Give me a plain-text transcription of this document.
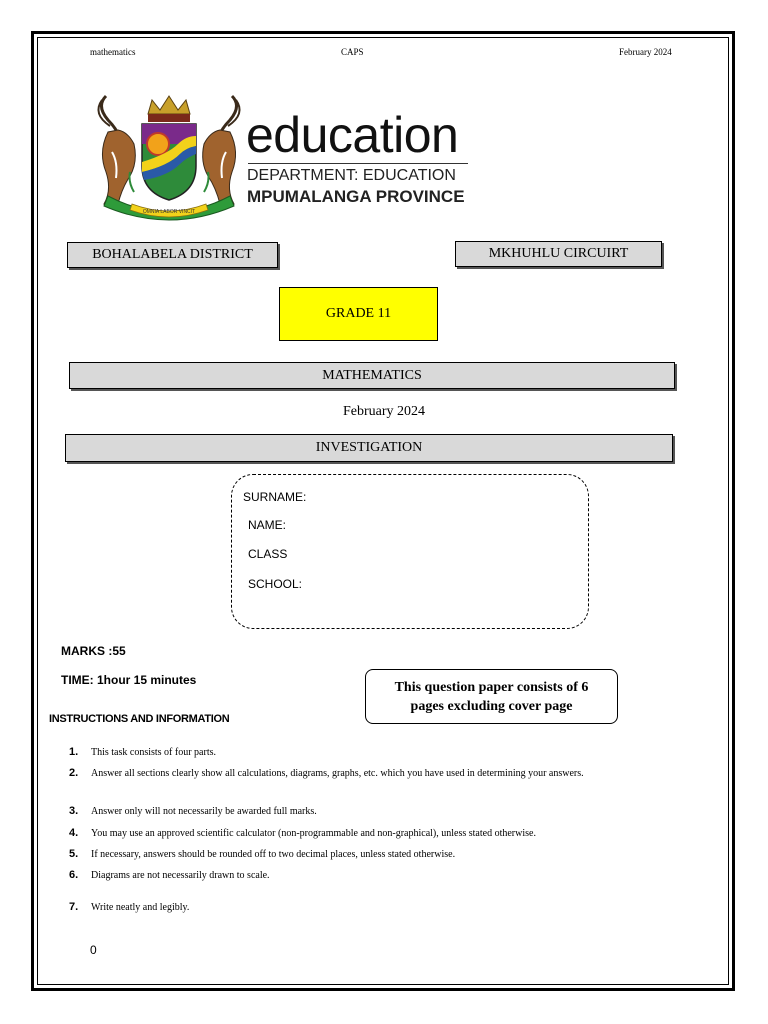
mathematics	CAPS	February 2024
OMNIA LABOR VINCIT
education
DEPARTMENT: EDUCATION
MPUMALANGA PROVINCE
BOHALABELA DISTRICT	MKHUHLU CIRCUIRT
GRADE 11
MATHEMATICS
February 2024
INVESTIGATION
SURNAME:
NAME:
CLASS
SCHOOL:
MARKS :55
TIME: 1hour 15 minutes	This question paper consists of 6 pages excluding cover page
INSTRUCTIONS AND INFORMATION
1. This task consists of four parts.
2. Answer all sections clearly show all calculations, diagrams, graphs, etc. which you have used in determining your answers.
3. Answer only will not necessarily be awarded full marks.
4. You may use an approved scientific calculator (non-programmable and non-graphical), unless stated otherwise.
5. If necessary, answers should be rounded off to two decimal places, unless stated otherwise.
6. Diagrams are not necessarily drawn to scale.
7. Write neatly and legibly.
0
